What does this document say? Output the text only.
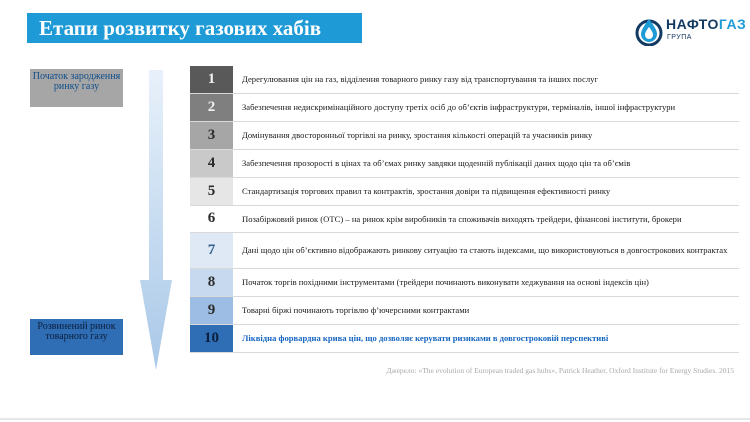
Етапи розвитку газових хабів	НАФТОГАЗ
ГРУПА
Початок зародження ринку газу
Розвинений ринок товарного газу
1	Дерегулювання цін на газ, відділення товарного ринку газу від транспортування та інших послуг
2	Забезпечення недискримінаційного доступу третіх осіб до об’єктів інфраструктури, терміналів, іншої інфраструктури
3	Домінування двосторонньої торгівлі на ринку, зростання кількості операцій та учасників ринку
4	Забезпечення прозорості в цінах та об’ємах ринку завдяки щоденній публікації даних щодо цін та об’ємів
5	Стандартизація торгових правил та контрактів, зростання довіри та підвищення ефективності ринку
6	Позабіржовий ринок (ОТС) – на ринок крім виробників та споживачів виходять трейдери, фінансові інститути, брокери
7	Дані щодо цін об’єктивно відображають ринкову ситуацію та стають індексами, що використовуються в довгострокових контрактах
8	Початок торгів похідними інструментами (трейдери починають виконувати хеджування на основі індексів цін)
9	Товарні біржі починають торгівлю ф’ючерсними контрактами
10	Ліквідна форвардна крива цін, що дозволяє керувати ризиками в довгостроковій перспективі
Джерело: «The evolution of European traded gas hubs», Patrick Heather, Oxford Institute for Energy Studies. 2015
